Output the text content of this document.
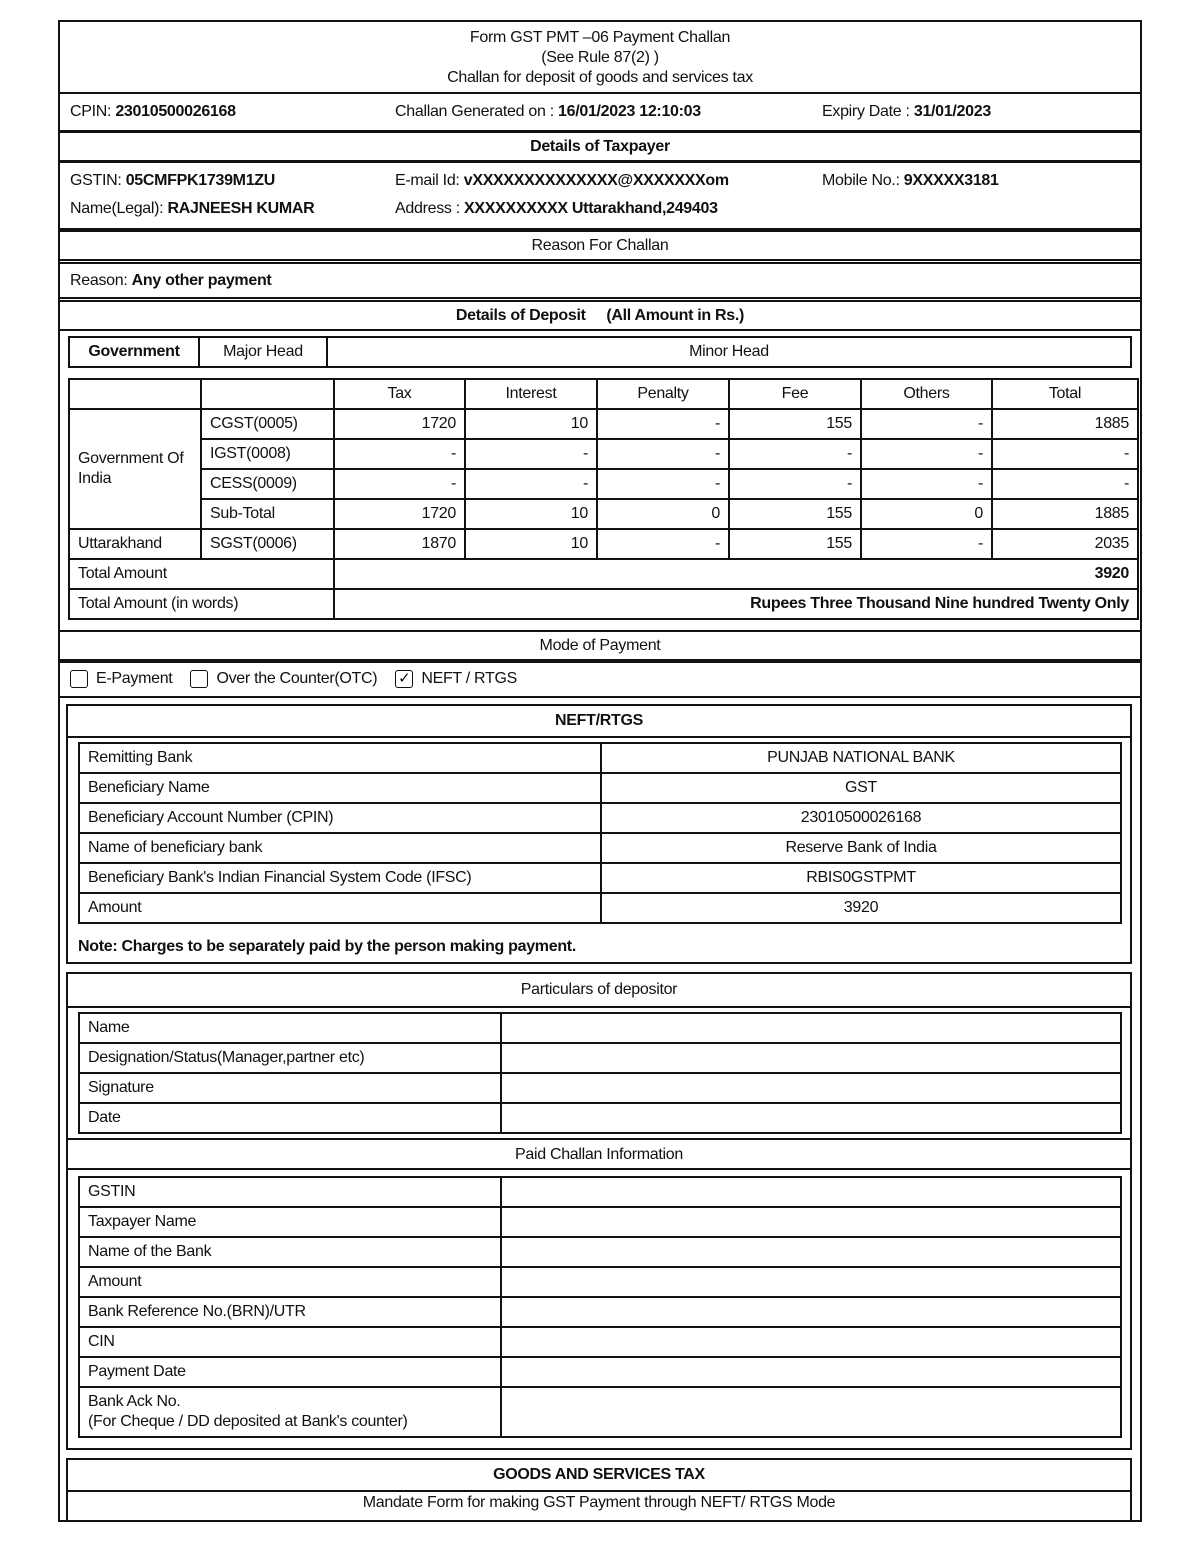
Form GST PMT –06 Payment Challan
(See Rule 87(2) )
Challan for deposit of goods and services tax
CPIN: 23010500026168	Challan Generated on : 16/01/2023 12:10:03	Expiry Date : 31/01/2023
Details of Taxpayer
GSTIN: 05CMFPK1739M1ZU	E-mail Id: vXXXXXXXXXXXXXX@XXXXXXXom	Mobile No.: 9XXXXX3181
Name(Legal): RAJNEESH KUMAR	Address : XXXXXXXXXX Uttarakhand,249403
Reason For Challan
Reason: Any other payment
Details of Deposit (All Amount in Rs.)
Government	Major Head	Minor Head
		Tax	Interest	Penalty	Fee	Others	Total
Government Of India	CGST(0005)	1720	10	-	155	-	1885
	IGST(0008)	-	-	-	-	-	-
	CESS(0009)	-	-	-	-	-	-
	Sub-Total	1720	10	0	155	0	1885
Uttarakhand	SGST(0006)	1870	10	-	155	-	2035
Total Amount		3920					
Total Amount (in words)		Rupees Three Thousand Nine hundred Twenty Only					
Mode of Payment
E-Payment	Over the Counter(OTC) ✓ NEFT / RTGS
NEFT/RTGS
Note: Charges to be separately paid by the person making payment.
Remitting Bank	PUNJAB NATIONAL BANK
Beneficiary Name	GST
Beneficiary Account Number (CPIN)	23010500026168
Name of beneficiary bank	Reserve Bank of India
Beneficiary Bank's Indian Financial System Code (IFSC)	RBIS0GSTPMT
Amount	3920
Particulars of depositor
Paid Challan Information
Name	
Designation/Status(Manager,partner etc)	
Signature	
Date	
GSTIN	
Taxpayer Name	
Name of the Bank	
Amount	
Bank Reference No.(BRN)/UTR	
CIN	
Payment Date	

Bank Ack No.
(For Cheque / DD deposited at Bank's counter)	

GOODS AND SERVICES TAX
Mandate Form for making GST Payment through NEFT/ RTGS Mode
